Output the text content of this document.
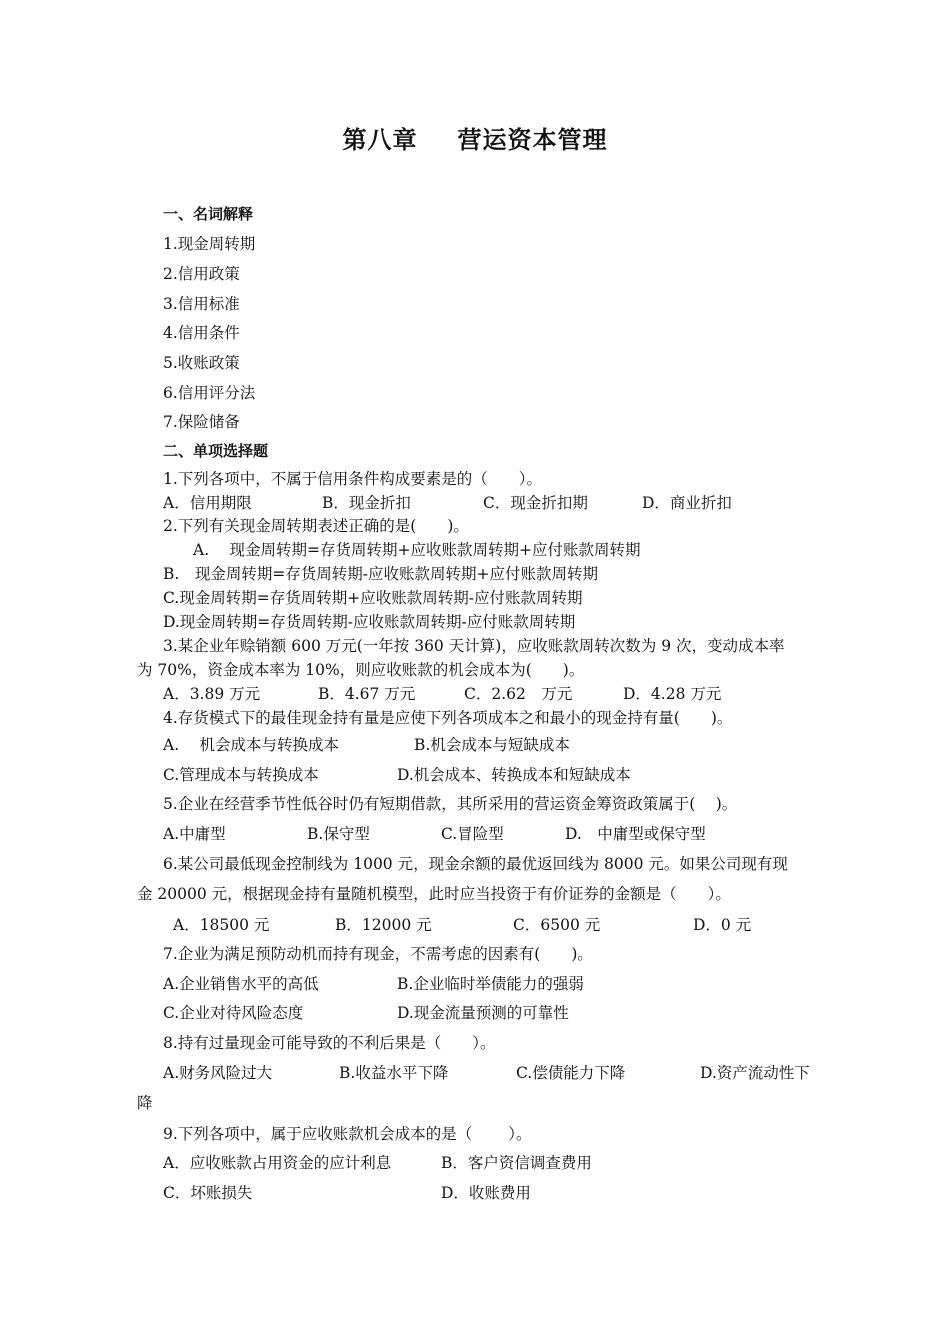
第八章 营运资本管理
一、名词解释
1.现金周转期
2.信用政策
3.信用标准
4.信用条件
5.收账政策
6.信用评分法
7.保险储备
二、单项选择题
1.下列各项中，不属于信用条件构成要素是的（　　）。
A．信用期限	B．现金折扣	C．现金折扣期	D．商业折扣
2.下列有关现金周转期表述正确的是(　　)。
A.　 现金周转期=存货周转期+应收账款周转期+应付账款周转期
B.　现金周转期=存货周转期-应收账款周转期+应付账款周转期
C.现金周转期=存货周转期+应收账款周转期-应付账款周转期
D.现金周转期=存货周转期-应收账款周转期-应付账款周转期
3.某企业年赊销额 600 万元(一年按 360 天计算)，应收账款周转次数为 9 次，变动成本率
为 70%，资金成本率为 10%，则应收账款的机会成本为(　　)。
A．3.89 万元	B．4.67 万元	C．2.62　万元	D．4.28 万元
4.存货模式下的最佳现金持有量是应使下列各项成本之和最小的现金持有量(　　)。
A.　 机会成本与转换成本	B.机会成本与短缺成本
C.管理成本与转换成本	D.机会成本、转换成本和短缺成本
5.企业在经营季节性低谷时仍有短期借款，其所采用的营运资金筹资政策属于(　 )。
A.中庸型	B.保守型	C.冒险型	D.　中庸型或保守型
6.某公司最低现金控制线为 1000 元，现金余额的最优返回线为 8000 元。如果公司现有现
金 20000 元，根据现金持有量随机模型，此时应当投资于有价证券的金额是（　　）。
A．18500 元	B．12000 元	C．6500 元	D．0 元
7.企业为满足预防动机而持有现金，不需考虑的因素有(　　)。
A.企业销售水平的高低	B.企业临时举债能力的强弱
C.企业对待风险态度	D.现金流量预测的可靠性
8.持有过量现金可能导致的不利后果是（　　）。
A.财务风险过大	B.收益水平下降	C.偿债能力下降	D.资产流动性下
降
9.下列各项中，属于应收账款机会成本的是（　　 ）。
A．应收账款占用资金的应计利息	B．客户资信调查费用
C．坏账损失	D．收账费用
